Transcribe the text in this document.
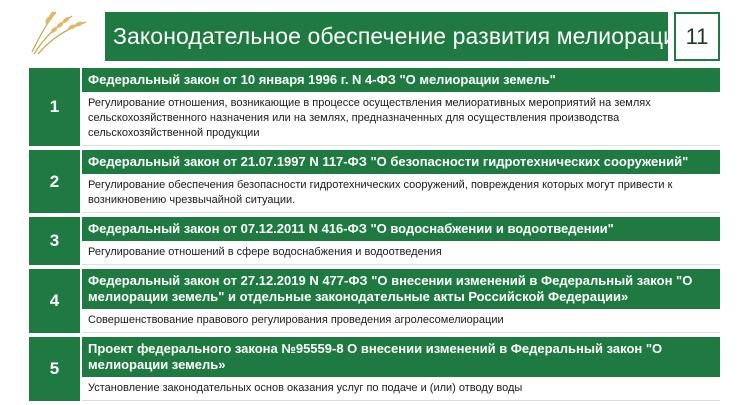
Законодательное обеспечение развития мелиорации
11
1
Федеральный закон от 10 января 1996 г. N 4-ФЗ "О мелиорации земель"
Регулирование отношения, возникающие в процессе осуществления мелиоративных мероприятий на землях сельскохозяйственного назначения или на землях, предназначенных для осуществления производства сельскохозяйственной продукции
2
Федеральный закон от 21.07.1997 N 117-ФЗ "О безопасности гидротехнических сооружений"
Регулирование обеспечения безопасности гидротехнических сооружений, повреждения которых могут привести к возникновению чрезвычайной ситуации.
3
Федеральный закон от 07.12.2011 N 416-ФЗ "О водоснабжении и водоотведении"
Регулирование отношений в сфере водоснабжения и водоотведения
4
Федеральный закон от 27.12.2019 N 477-ФЗ "О внесении изменений в Федеральный закон "О мелиорации земель" и отдельные законодательные акты Российской Федерации»
Совершенствование правового регулирования проведения агролесомелиорации
5
Проект федерального закона №95559-8 О внесении изменений в Федеральный закон "О мелиорации земель»
Установление законодательных основ оказания услуг по подаче и (или) отводу воды
